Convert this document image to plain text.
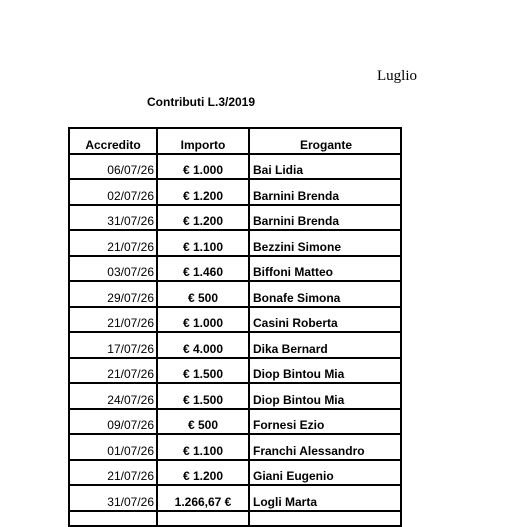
Luglio
Contributi L.3/2019
Accredito	Importo	Erogante
06/07/26	€ 1.000	Bai Lidia
02/07/26	€ 1.200	Barnini Brenda
31/07/26	€ 1.200	Barnini Brenda
21/07/26	€ 1.100	Bezzini Simone
03/07/26	€ 1.460	Biffoni Matteo
29/07/26	€ 500	Bonafe Simona
21/07/26	€ 1.000	Casini Roberta
17/07/26	€ 4.000	Dika Bernard
21/07/26	€ 1.500	Diop Bintou Mia
24/07/26	€ 1.500	Diop Bintou Mia
09/07/26	€ 500	Fornesi Ezio
01/07/26	€ 1.100	Franchi Alessandro
21/07/26	€ 1.200	Giani Eugenio
31/07/26	1.266,67 €	Logli Marta
